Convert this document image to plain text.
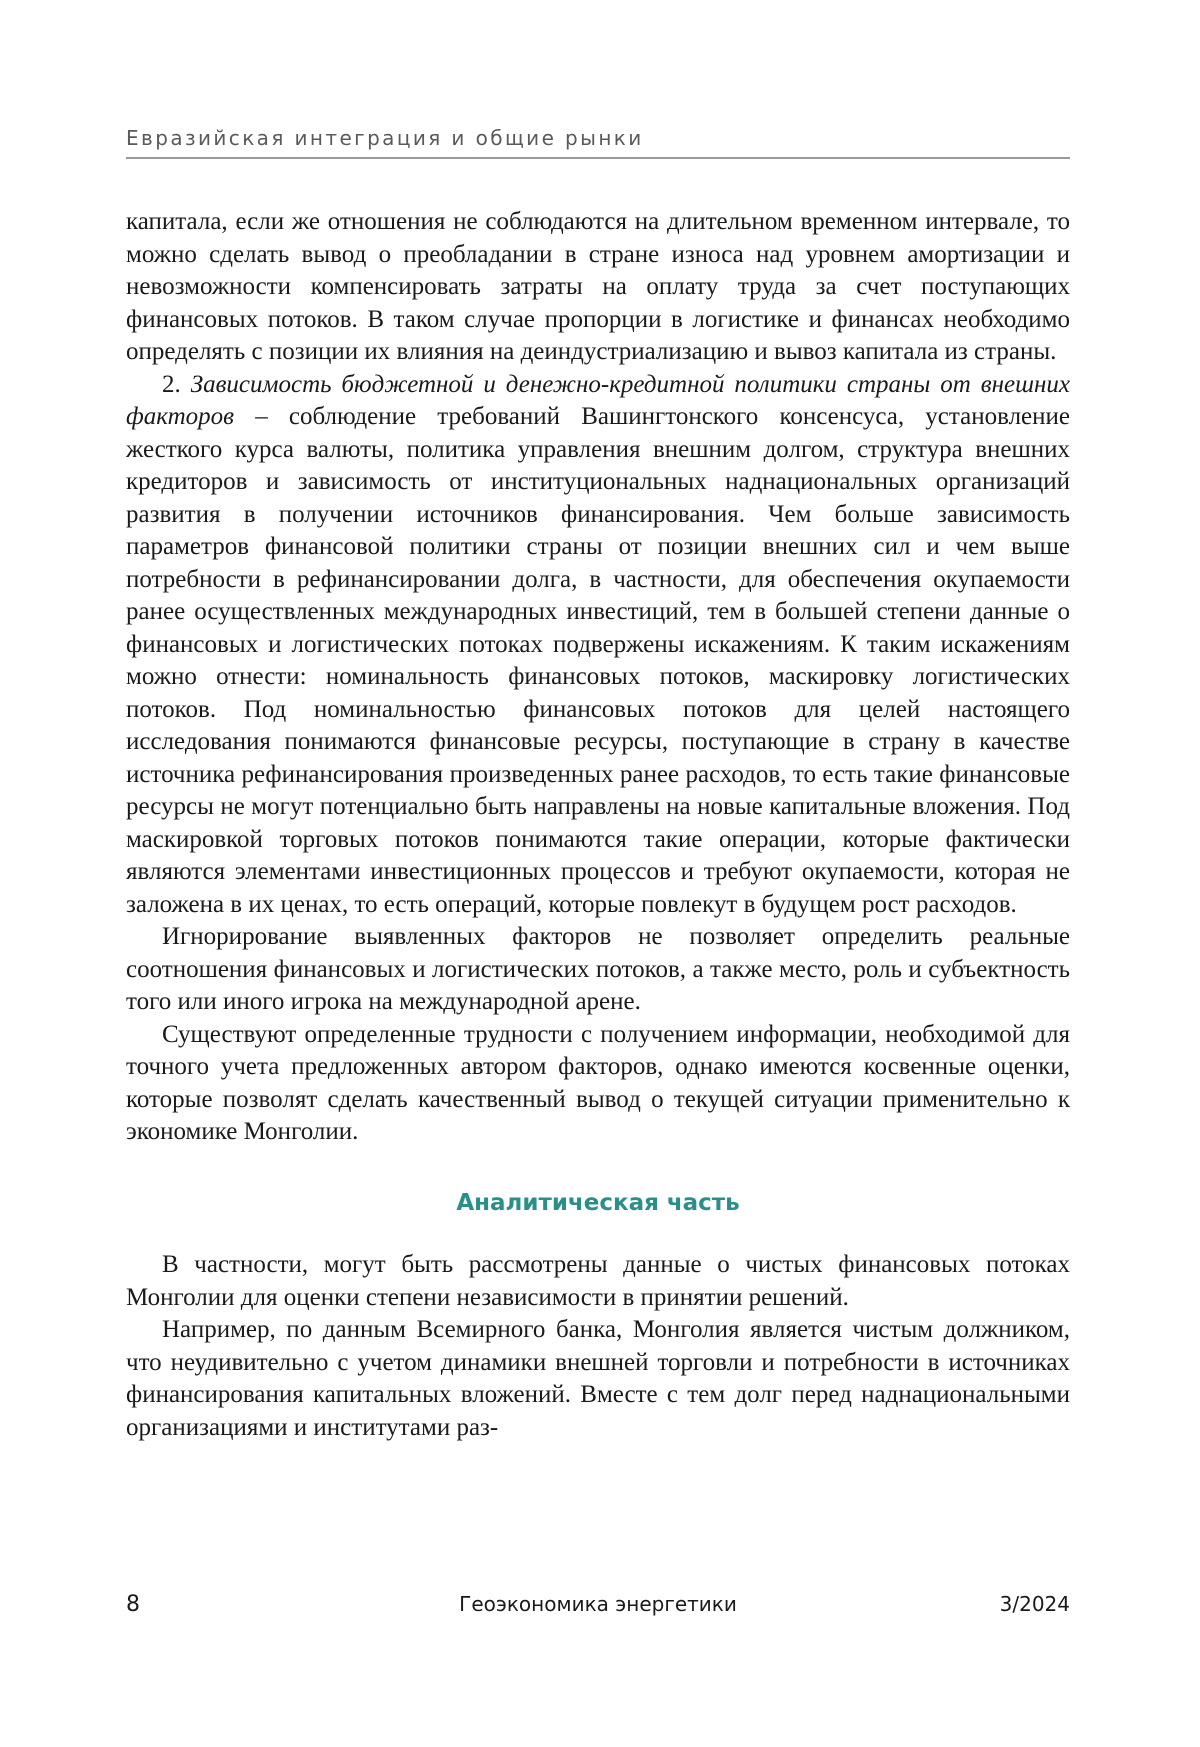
Евразийская интеграция и общие рынки

капитала, если же отношения не соблюдаются на длительном временном интервале, то можно сделать вывод о преобладании в стране износа над уровнем амортизации и невозможности компенсировать затраты на оплату труда за счет поступающих финансовых потоков. В таком случае пропорции в логистике и финансах необходимо определять с позиции их влияния на деиндустриализацию и вывоз капитала из страны.

2. Зависимость бюджетной и денежно-кредитной политики страны от внешних факторов – соблюдение требований Вашингтонского консенсуса, установление жесткого курса валюты, политика управления внешним долгом, структура внешних кредиторов и зависимость от институциональных наднациональных организаций развития в получении источников финансирования. Чем больше зависимость параметров финансовой политики страны от позиции внешних сил и чем выше потребности в рефинансировании долга, в частности, для обеспечения окупаемости ранее осуществленных международных инвестиций, тем в большей степени данные о финансовых и логистических потоках подвержены искажениям. К таким искажениям можно отнести: номинальность финансовых потоков, маскировку логистических потоков. Под номинальностью финансовых потоков для целей настоящего исследования понимаются финансовые ресурсы, поступающие в страну в качестве источника рефинансирования произведенных ранее расходов, то есть такие финансовые ресурсы не могут потенциально быть направлены на новые капитальные вложения. Под маскировкой торговых потоков понимаются такие операции, которые фактически являются элементами инвестиционных процессов и требуют окупаемости, которая не заложена в их ценах, то есть операций, которые повлекут в будущем рост расходов.

Игнорирование выявленных факторов не позволяет определить реальные соотношения финансовых и логистических потоков, а также место, роль и субъектность того или иного игрока на международной арене.

Существуют определенные трудности с получением информации, необходимой для точного учета предложенных автором факторов, однако имеются косвенные оценки, которые позволят сделать качественный вывод о текущей ситуации применительно к экономике Монголии.

Аналитическая часть

В частности, могут быть рассмотрены данные о чистых финансовых потоках Монголии для оценки степени независимости в принятии решений.

Например, по данным Всемирного банка, Монголия является чистым должником, что неудивительно с учетом динамики внешней торговли и потребности в источниках финансирования капитальных вложений. Вместе с тем долг перед наднациональными организациями и институтами раз-

8	Геоэкономика энергетики	3/2024
